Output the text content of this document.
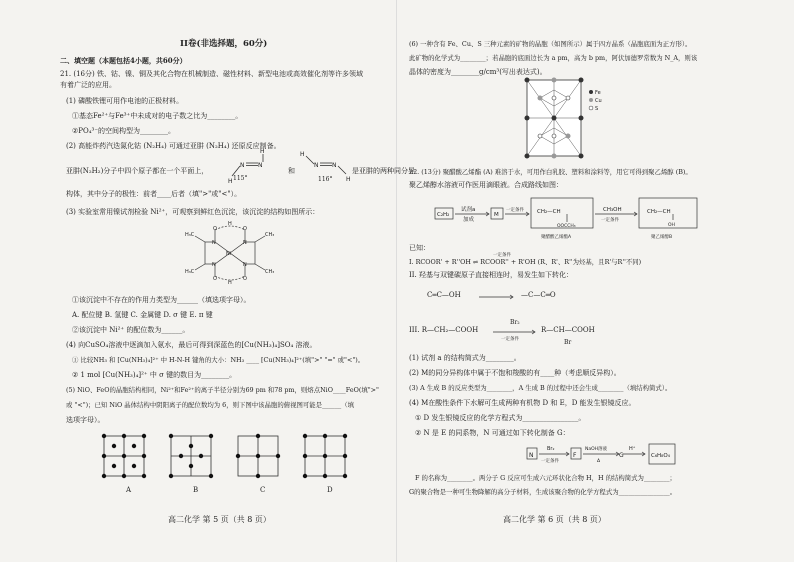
II卷(非选择题，60分)
二、填空题（本题包括4小题，共60分）
21. (16分) 铁、钴、镍、铜及其化合物在机械制造、磁性材料、新型电池或高效催化剂等许多领域
有着广泛的应用。
(1) 磷酸铁锂可用作电池的正极材料。
①基态Fe²⁺与Fe³⁺中未成对的电子数之比为________。
②PO₄³⁻的空间构型为________。
(2) 高能炸药汽迭氮化钴 (N₂H₄) 可通过亚肼 (N₂H₄) 还原反应制备。
亚肼(N₂H₂)分子中四个原子都在一个平面上，
H
N N
H	H
N N
H
115°
和
116°
是亚肼的两种同分异
构体，其中分子的极性：前者____后者（填">"或"<"）。
(3) 实验室常用镍试剂检验 Ni²⁺，可观察到鲜红色沉淀，该沉淀的结构如图所示：
Ni
O	O
O	O
N	N
N	N
H
H
H₃C	CH₃
H₃C	CH₃
①该沉淀中不存在的作用力类型为______（填选项字母）。
A. 配位键 B. 氢键 C. 金属键 D. σ 键 E. π 键
②该沉淀中 Ni²⁺ 的配位数为______。
(4) 向CuSO₄溶液中逐滴加入氨水，最后可得到深蓝色的[Cu(NH₃)₄]SO₄ 溶液。
① 比较NH₃ 和 [Cu(NH₃)₄]²⁺ 中 H-N-H 键角的大小：NH₃ ____ [Cu(NH₃)₄]²⁺(填">" "=" 或"<")。
② 1 mol [Cu(NH₃)₄]²⁺ 中 σ 键的数目为________。
(5) NiO、FeO的晶胞结构相同，Ni²⁺和Fe²⁺的离子半径分别为69 pm 和78 pm，则熔点NiO____FeO(填">"
或 "<")；已知 NiO 晶体结构中阴阳离子的配位数均为 6，则下图中该晶胞的俯视图可能是______（填
选项字母）。
A	B	C	D
高二化学 第 5 页（共 8 页）
(6) 一种含有 Fe、Cu、S 三种元素的矿物的晶胞（如图所示）属于四方晶系（晶胞底面为正方形）。
此矿物的化学式为________；若晶胞的底面边长为 a pm，高为 b pm，阿伏加德罗常数为 N_A，则该
晶体的密度为________g/cm³(写出表达式)。
Fe
Cu
S
22. (13分) 聚醋酸乙烯酯 (A) 难溶于水，可用作白乳胶、塑料和涂料等，用它可得到聚乙烯醇 (B)。
聚乙烯醇水溶液可作医用滴眼液。合成路线如图：
C₂H₂	M
试剂a
加成
一定条件 CH₂—CH
OOCCH₃
CH₃OH
一定条件
CH₂—CH
OH
聚醋酸乙烯酯A	聚乙烯醇B
已知：
I. RCOOR' + R''OH ⇌ RCOOR'' + R'OH (R、R'、R''为烃基，且R'与R''不同)
一定条件
II. 羟基与双键碳原子直接相连时，易发生如下转化：
C═C—OH	—C—C═O
III. R—CH₂—COOH
Br₂
一定条件
R—CH—COOH
Br
(1) 试剂 a 的结构简式为________。
(2) M的同分异构体中属于不饱和羧酸的有____种（考虑顺反异构）。
(3) A 生成 B 的反应类型为________，A 生成 B 的过程中还会生成________（填结构简式）。
(4) M在酸性条件下水解可生成两种有机物 D 和 E，D 能发生银镜反应。
① D 发生银镜反应的化学方程式为________________。
② N 是 E 的同系物，N 可通过如下转化制备 G：
N	F	G
Br₂
一定条件
NaOH溶液
Δ
H⁺
C₆H₈O₄
F 的名称为________。两分子 G 反应可生成六元环状化合物 H，H 的结构简式为________；
G的聚合物是一种可生物降解的高分子材料，生成该聚合物的化学方程式为________________。
高二化学 第 6 页（共 8 页）
